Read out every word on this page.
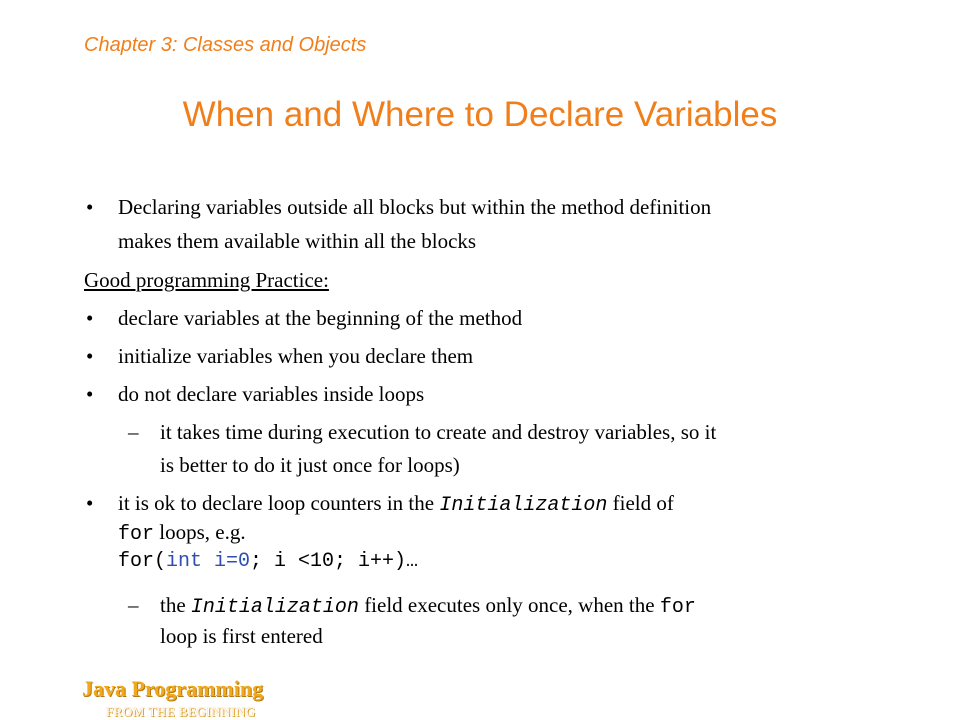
Chapter 3: Classes and Objects
When and Where to Declare Variables
• Declaring variables outside all blocks but within the method definition
makes them available within all the blocks
Good programming Practice:
• declare variables at the beginning of the method
• initialize variables when you declare them
• do not declare variables inside loops
– it takes time during execution to create and destroy variables, so it
is better to do it just once for loops)
• it is ok to declare loop counters in the Initialization field of
for loops, e.g.
for(int i=0; i <10; i++)…
– the Initialization field executes only once, when the for
loop is first entered
Java Programming
FROM THE BEGINNING
